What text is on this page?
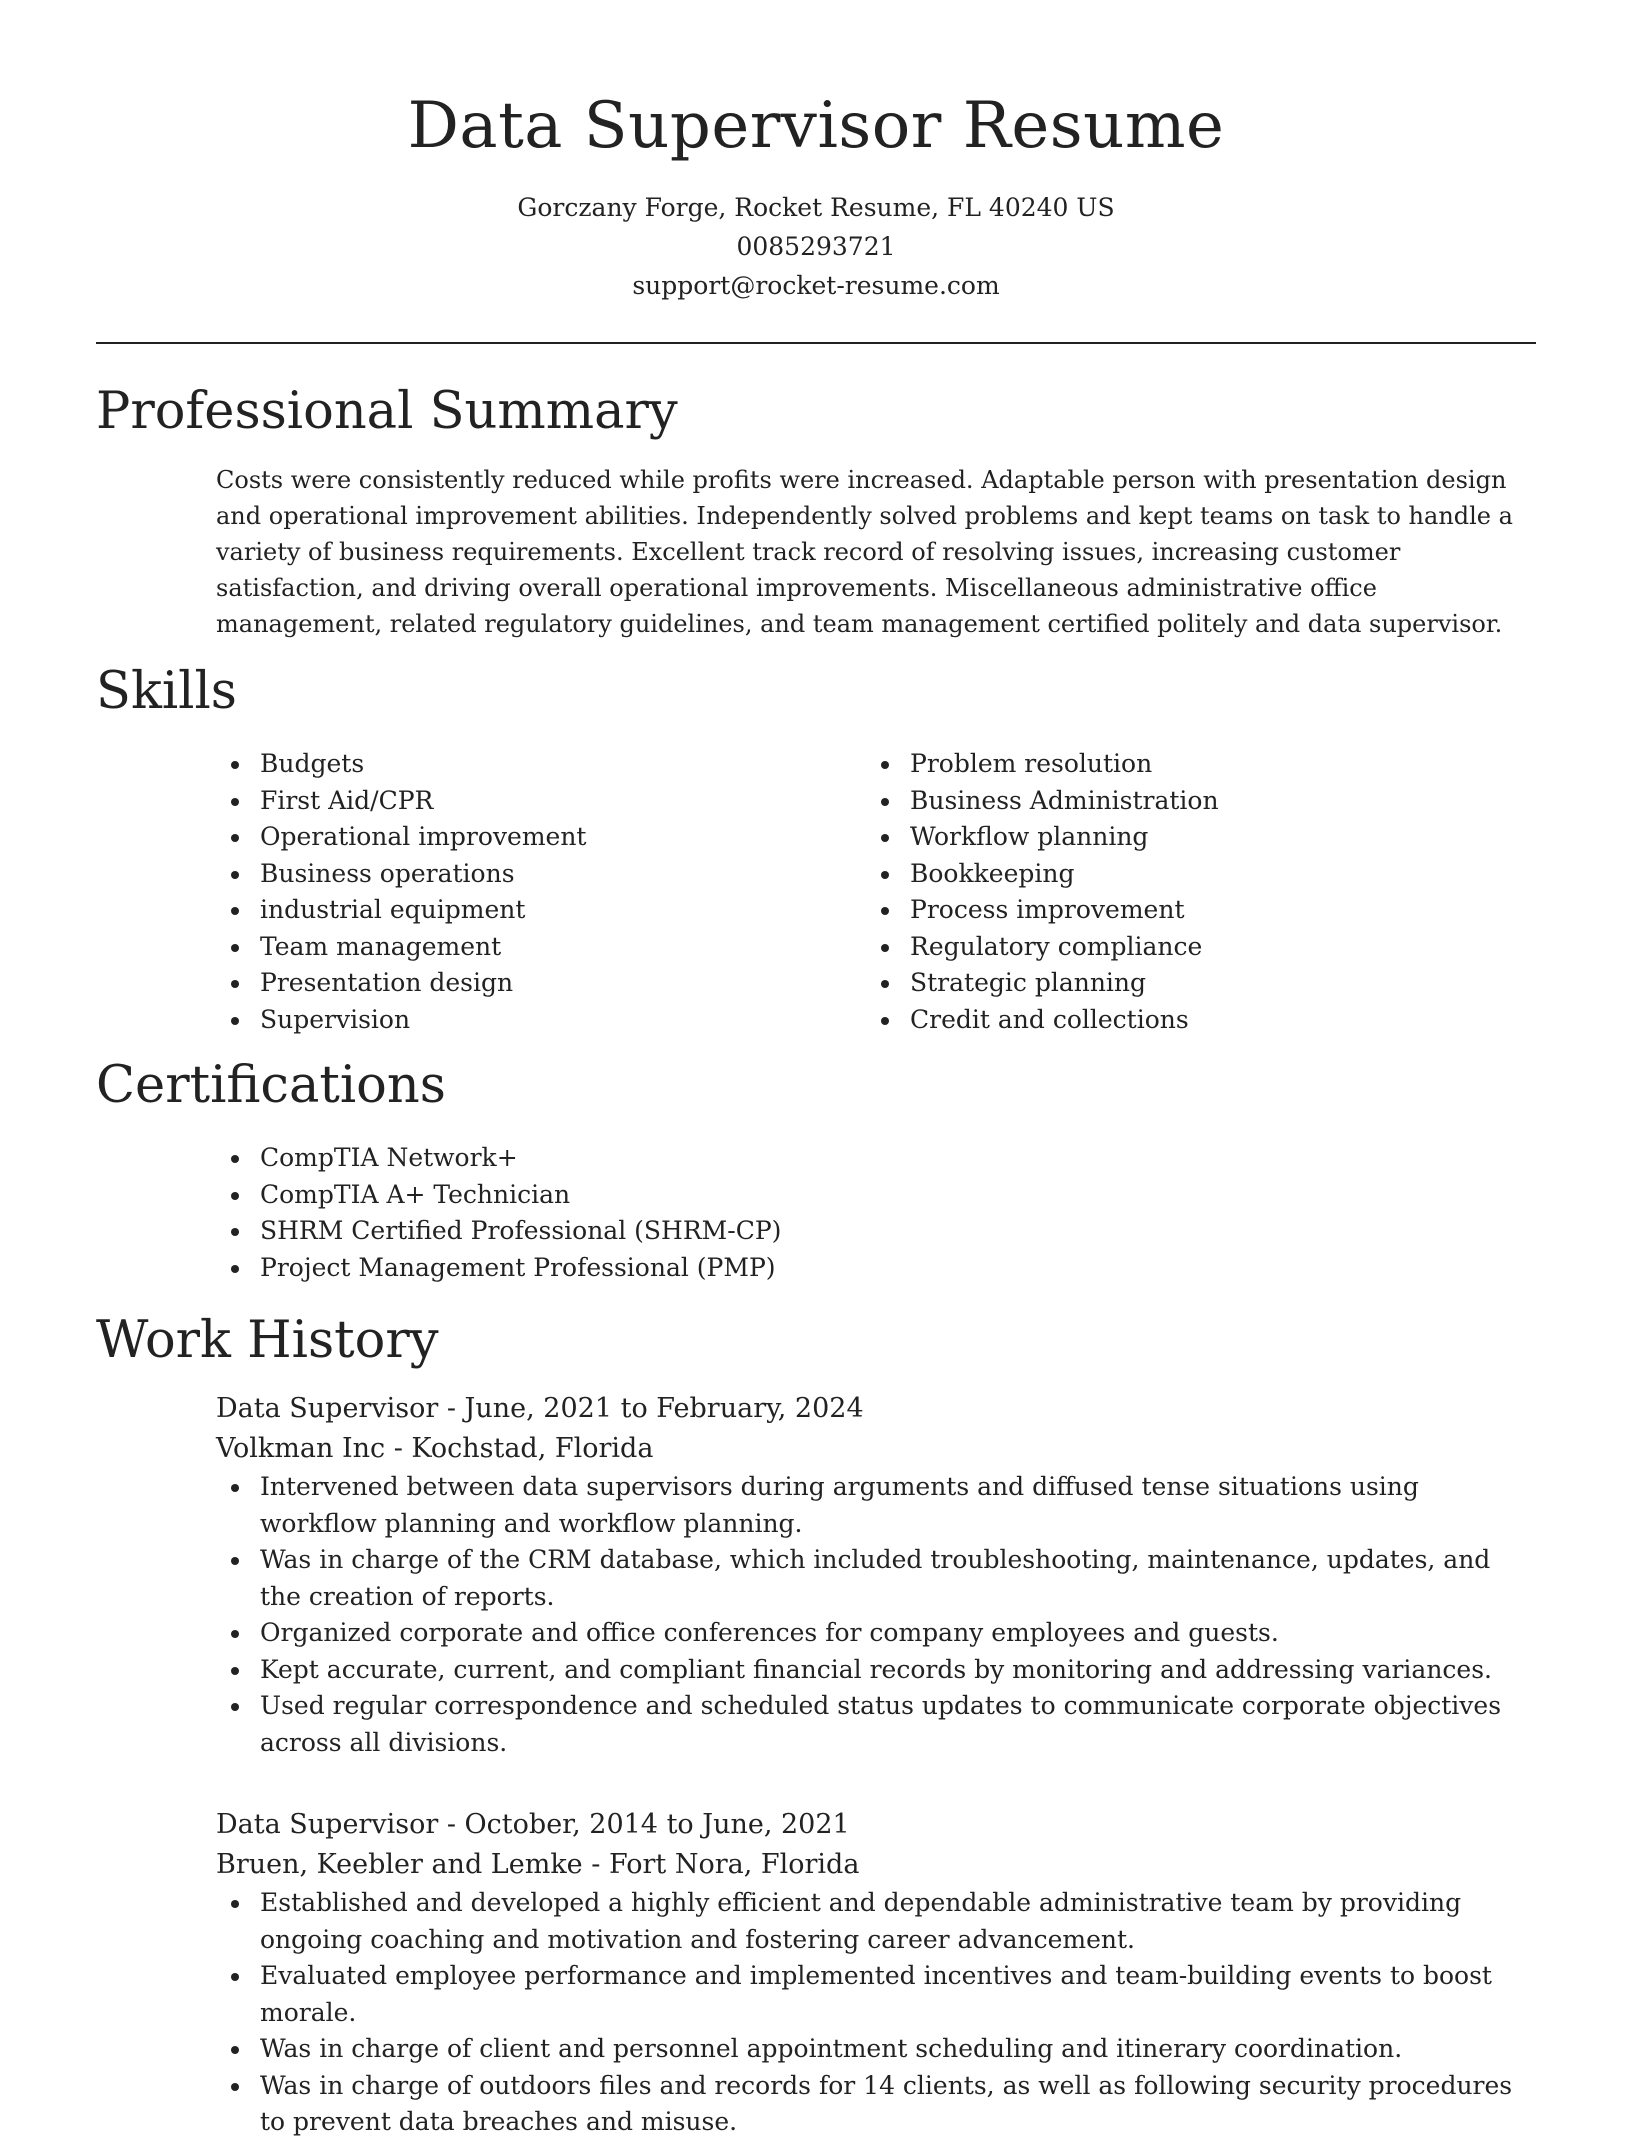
Data Supervisor Resume
Gorczany Forge, Rocket Resume, FL 40240 US
0085293721
support@rocket-resume.com
Professional Summary

Costs were consistently reduced while profits were increased. Adaptable person with presentation design and operational improvement abilities. Independently solved problems and kept teams on task to handle a variety of business requirements. Excellent track record of resolving issues, increasing customer satisfaction, and driving overall operational improvements. Miscellaneous administrative office management, related regulatory guidelines, and team management certified politely and data supervisor.

Skills
Budgets
First Aid/CPR
Operational improvement
Business operations
industrial equipment
Team management
Presentation design
Supervision
Problem resolution
Business Administration
Workflow planning
Bookkeeping
Process improvement
Regulatory compliance
Strategic planning
Credit and collections
Certifications
CompTIA Network+
CompTIA A+ Technician
SHRM Certified Professional (SHRM-CP)
Project Management Professional (PMP)
Work History

Data Supervisor - June, 2021 to February, 2024

Volkman Inc - Kochstad, Florida

Intervened between data supervisors during arguments and diffused tense situations using workflow planning and workflow planning.
Was in charge of the CRM database, which included troubleshooting, maintenance, updates, and the creation of reports.
Organized corporate and office conferences for company employees and guests.
Kept accurate, current, and compliant financial records by monitoring and addressing variances.
Used regular correspondence and scheduled status updates to communicate corporate objectives across all divisions.

Data Supervisor - October, 2014 to June, 2021

Bruen, Keebler and Lemke - Fort Nora, Florida

Established and developed a highly efficient and dependable administrative team by providing ongoing coaching and motivation and fostering career advancement.
Evaluated employee performance and implemented incentives and team-building events to boost morale.
Was in charge of client and personnel appointment scheduling and itinerary coordination.
Was in charge of outdoors files and records for 14 clients, as well as following security procedures to prevent data breaches and misuse.
